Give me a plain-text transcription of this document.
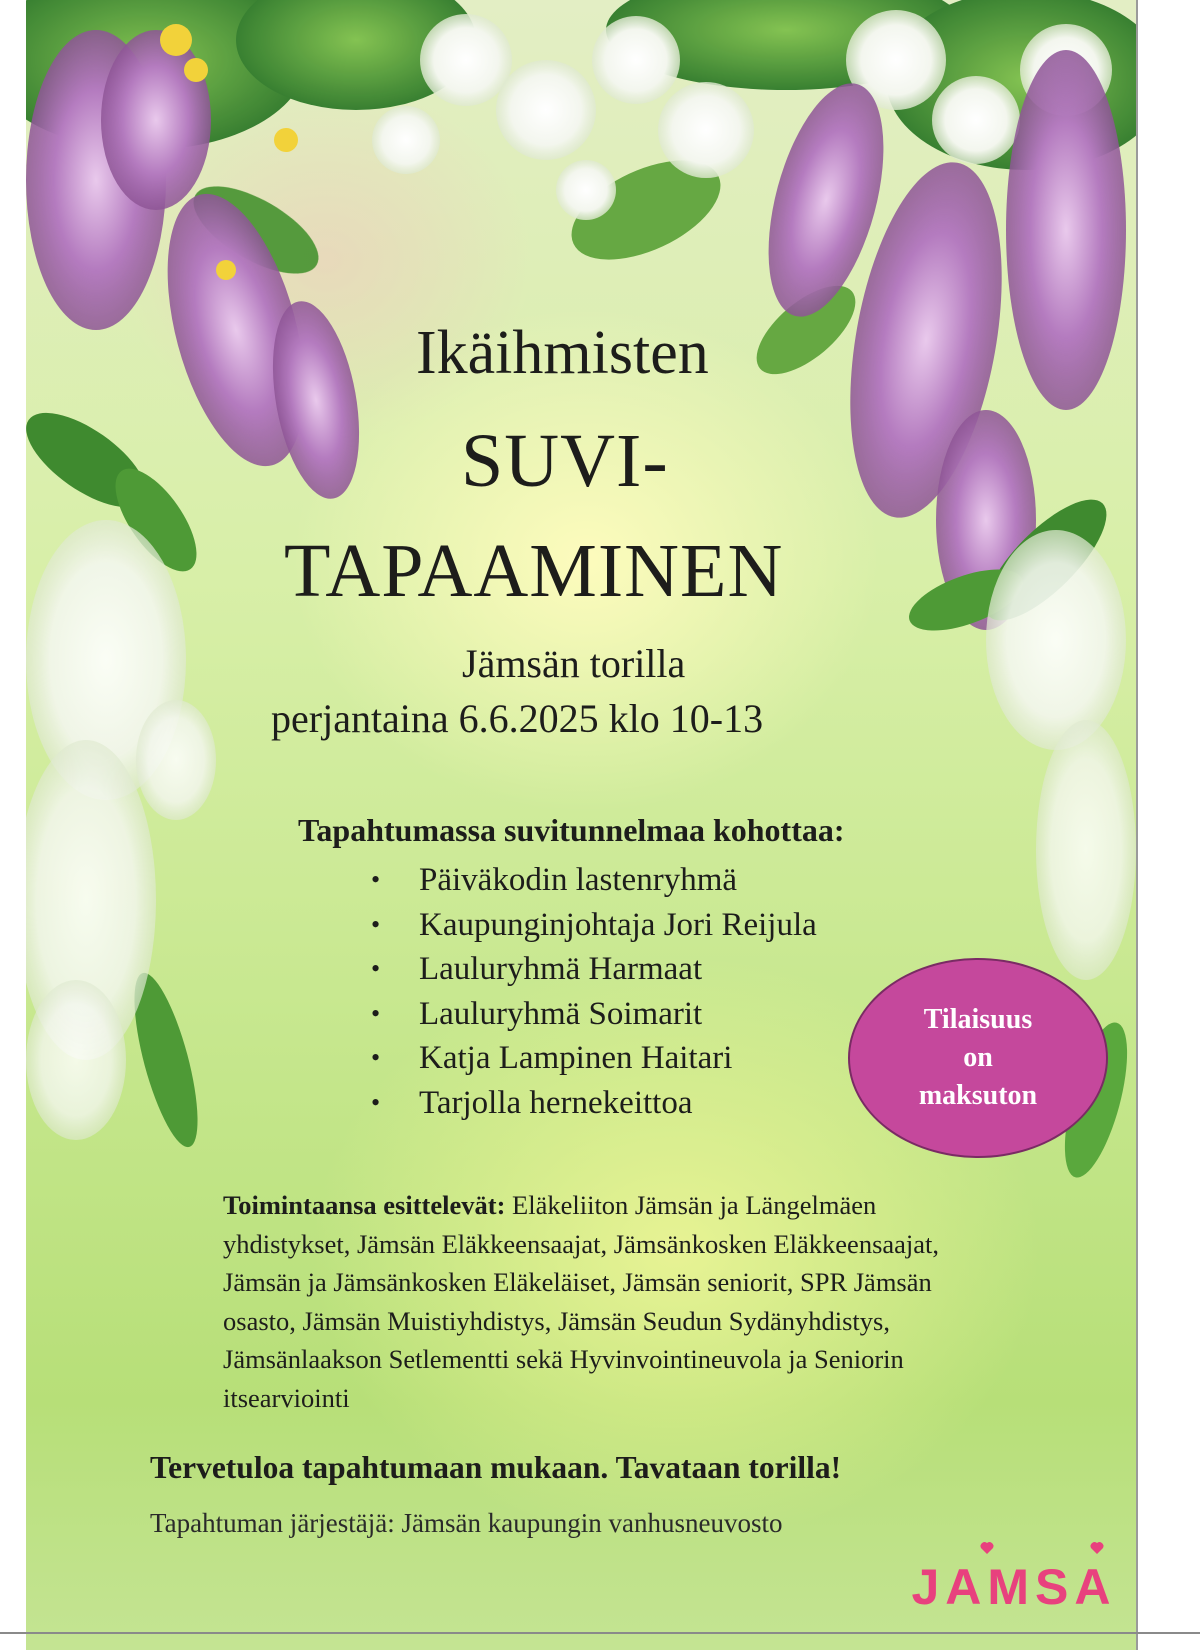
Ikäihmisten
SUVI-
TAPAAMINEN
Jämsän torilla
perjantaina 6.6.2025 klo 10-13
Tapahtumassa suvitunnelmaa kohottaa:
• Päiväkodin lastenryhmä
• Kaupunginjohtaja Jori Reijula
• Lauluryhmä Harmaat
• Lauluryhmä Soimarit
• Katja Lampinen Haitari
• Tarjolla hernekeittoa
Tilaisuus
on
maksuton
Toimintaansa esittelevät: Eläkeliiton Jämsän ja Längelmäen yhdistykset, Jämsän Eläkkeensaajat, Jämsänkosken Eläkkeensaajat, Jämsän ja Jämsänkosken Eläkeläiset, Jämsän seniorit, SPR Jämsän osasto, Jämsän Muistiyhdistys, Jämsän Seudun Sydänyhdistys, Jämsänlaakson Setlementti sekä Hyvinvointineuvola ja Seniorin itsearviointi
Tervetuloa tapahtumaan mukaan. Tavataan torilla!
Tapahtuman järjestäjä: Jämsän kaupungin vanhusneuvosto
JAMSA
